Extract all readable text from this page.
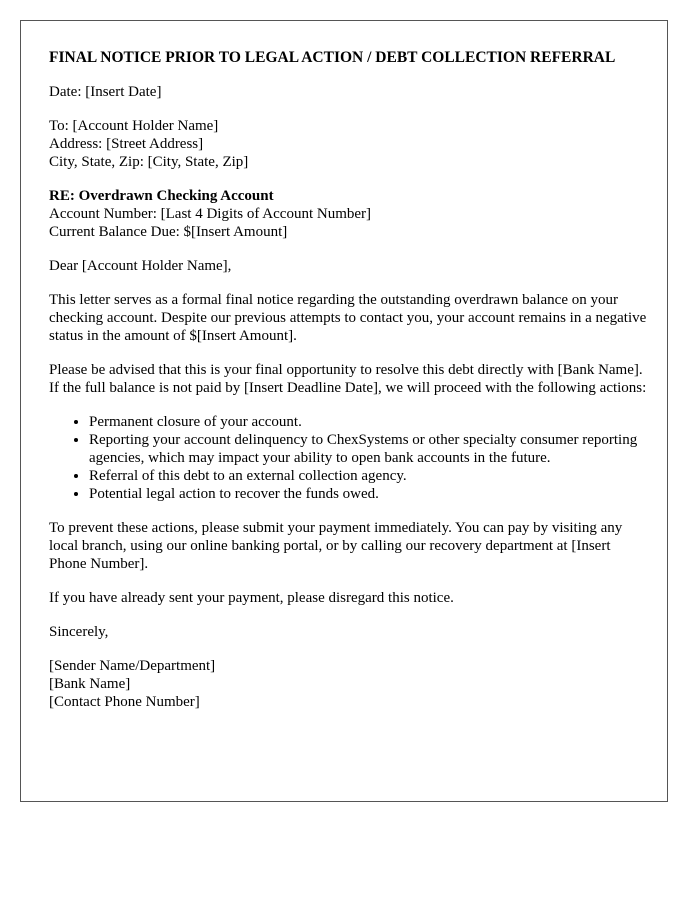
FINAL NOTICE PRIOR TO LEGAL ACTION / DEBT COLLECTION REFERRAL

Date: [Insert Date]

To: [Account Holder Name]
Address: [Street Address]
City, State, Zip: [City, State, Zip]

RE: Overdrawn Checking Account
Account Number: [Last 4 Digits of Account Number]
Current Balance Due: $[Insert Amount]

Dear [Account Holder Name],

This letter serves as a formal final notice regarding the outstanding overdrawn balance on your checking account. Despite our previous attempts to contact you, your account remains in a negative status in the amount of $[Insert Amount].

Please be advised that this is your final opportunity to resolve this debt directly with [Bank Name]. If the full balance is not paid by [Insert Deadline Date], we will proceed with the following actions:

• Permanent closure of your account.
• Reporting your account delinquency to ChexSystems or other specialty consumer reporting agencies, which may impact your ability to open bank accounts in the future.
• Referral of this debt to an external collection agency.
• Potential legal action to recover the funds owed.

To prevent these actions, please submit your payment immediately. You can pay by visiting any local branch, using our online banking portal, or by calling our recovery department at [Insert Phone Number].

If you have already sent your payment, please disregard this notice.

Sincerely,

[Sender Name/Department]
[Bank Name]
[Contact Phone Number]
